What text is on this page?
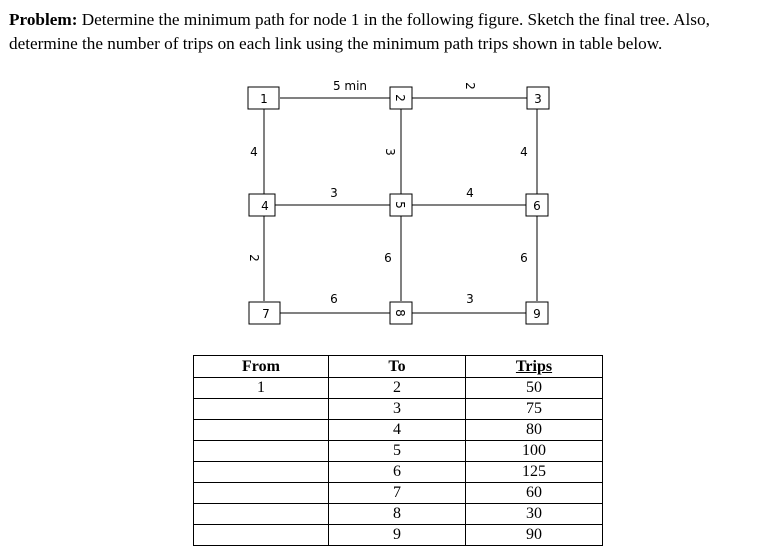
Problem: Determine the minimum path for node 1 in the following figure. Sketch the final tree. Also, determine the number of trips on each link using the minimum path trips shown in table below.
5 min	2
4	3	4
3	4
2	6	6
6	3
1	2	3
4	5	6
7	8	9
From	To	Trips
1	2	50
	3	75
	4	80
	5	100
	6	125
	7	60
	8	30
	9	90
